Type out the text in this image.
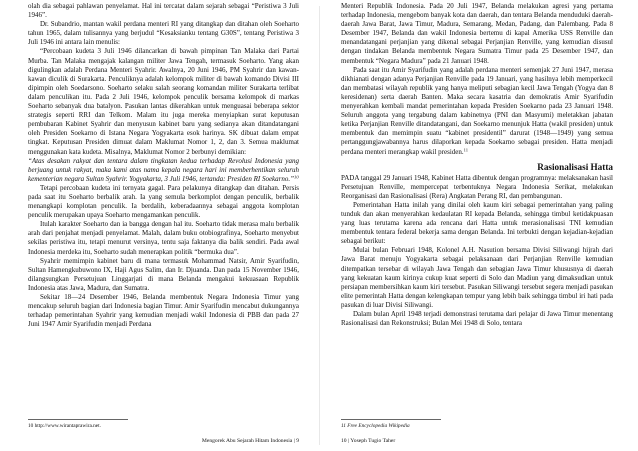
olah dia sebagai pahlawan penyelamat. Hal ini tercatat dalam sejarah sebagai “Peristiwa 3 Juli 1946”.

Dr. Subandrio, mantan wakil perdana menteri RI yang ditangkap dan ditahan oleh Soeharto tahun 1965, dalam tulisannya yang berjudul “Kesaksianku tentang G30S”, tentang Peristiwa 3 Juli 1946 ini antara lain menulis:

“Percobaan kudeta 3 Juli 1946 dilancarkan di bawah pimpinan Tan Malaka dari Partai Murba. Tan Malaka mengajak kalangan militer Jawa Tengah, termasuk Soeharto. Yang akan digulingkan adalah Perdana Menteri Syahrir. Awalnya, 20 Juni 1946, PM Syahrir dan kawan-kawan diculik di Surakarta. Penculiknya adalah kelompok militer di bawah komando Divisi III dipimpin oleh Soedarsono. Soeharto selaku salah seorang komandan militer Surakarta terlibat dalam penculikan itu. Pada 2 Juli 1946, kelompok penculik bersama kelompok di markas Soeharto sebanyak dua batalyon. Pasukan lantas dikerahkan untuk menguasai beberapa sektor strategis seperti RRI dan Telkom. Malam itu juga mereka menyiapkan surat keputusan pembubaran Kabinet Syahrir dan menyusun kabinet baru yang sedianya akan ditandatangani oleh Presiden Soekarno di Istana Negara Yogyakarta esok harinya. SK dibuat dalam empat tingkat. Keputusan Presiden dimuat dalam Maklumat Nomor 1, 2, dan 3. Semua maklumat menggunakan kata kudeta. Misalnya, Maklumat Nomor 2 berbunyi demikian:

“Atas desakan rakyat dan tentara dalam tingkatan kedua terhadap Revolusi Indonesia yang berjuang untuk rakyat, maka kami atas nama kepala negara hari ini memberhentikan seluruh kementerian negara Sultan Syahrir. Yogyakarta, 3 Juli 1946, tertanda: Presiden RI Soekarno.”$^{10}$

Tetapi percobaan kudeta ini ternyata gagal. Para pelakunya ditangkap dan ditahan. Persis pada saat itu Soeharto berbalik arah. Ia yang semula berkomplot dengan penculik, berbalik menangkapi komplotan penculik. Ia berdalih, keberadaannya sebagai anggota komplotan penculik merupakan upaya Soeharto mengamankan penculik.

Itulah karakter Soeharto dan ia bangga dengan hal itu. Soeharto tidak merasa malu berbalik arah dari penjahat menjadi penyelamat. Malah, dalam buku otobiografinya, Soeharto menyebut sekilas peristiwa itu, tetapi menurut versinya, tentu saja faktanya dia balik sendiri. Pada awal Indonesia merdeka itu, Soeharto sudah menerapkan politik “bermuka dua”.

Syahrir memimpin kabinet baru di mana termasuk Mohammad Natsir, Amir Syarifudin, Sultan Hamengkubuwono IX, Haji Agus Salim, dan Ir. Djuanda. Dan pada 15 November 1946, dilangsungkan Persetujuan Linggarjati di mana Belanda mengakui kekuasaan Republik Indonesia atas Jawa, Madura, dan Sumatra.

Sekitar 18—24 Desember 1946, Belanda membentuk Negara Indonesia Timur yang mencakup seluruh bagian dari Indonesia bagian Timur. Amir Syarifudin mencabut dukungannya terhadap pemerintahan Syahrir yang kemudian menjadi wakil Indonesia di PBB dan pada 27 Juni 1947 Amir Syarifudin menjadi Perdana

10 http://www.wirantaprawira.net.
Mengorek Abu Sejarah Hitam Indonesia | 9

Menteri Republik Indonesia. Pada 20 Juli 1947, Belanda melakukan agresi yang pertama terhadap Indonesia, mengebom banyak kota dan daerah, dan tentara Belanda menduduki daerah-daerah Jawa Barat, Jawa Timur, Madura, Semarang, Medan, Padang, dan Palembang. Pada 8 Desember 1947, Belanda dan wakil Indonesia bertemu di kapal Amerika USS Renville dan menandatangani perjanjian yang dikenal sebagai Perjanjian Renville, yang kemudian disusul dengan tindakan Belanda membentuk Negara Sumatra Timur pada 25 Desember 1947, dan membentuk “Negara Madura” pada 21 Januari 1948.

Pada saat itu Amir Syarifudin yang adalah perdana menteri semenjak 27 Juni 1947, merasa dikhianati dengan adanya Perjanjian Renville pada 19 Januari, yang hasilnya lebih memperkecil dan membatasi wilayah republik yang hanya meliputi sebagian kecil Jawa Tengah (Yogya dan 8 keresidenan) serta daerah Banten. Maka secara kasatria dan demokratis Amir Syarifudin menyerahkan kembali mandat pemerintahan kepada Presiden Soekarno pada 23 Januari 1948. Seluruh anggota yang tergabung dalam kabinetnya (PNI dan Masyumi) meletakkan jabatan ketika Perjanjian Renville ditandatangani, dan Soekarno menunjuk Hatta (wakil presiden) untuk membentuk dan memimpin suatu “kabinet presidentil” darurat (1948—1949) yang semua pertanggungjawabannya harus dilaporkan kepada Soekarno sebagai presiden. Hatta menjadi perdana menteri merangkap wakil presiden.$^{11}$

Rasionalisasi Hatta

PADA tanggal 29 Januari 1948, Kabinet Hatta dibentuk dengan programnya: melaksanakan hasil Persetujuan Renville, mempercepat terbentuknya Negara Indonesia Serikat, melakukan Reorganisasi dan Rasionalisasi (Rera) Angkatan Perang RI, dan pembangunan.

Pemerintahan Hatta inilah yang dinilai oleh kaum kiri sebagai pemerintahan yang paling tunduk dan akan menyerahkan kedaulatan RI kepada Belanda, sehingga timbul ketidakpuasan yang luas terutama karena ada rencana dari Hatta untuk merasionalisasi TNI kemudian membentuk tentara federal bekerja sama dengan Belanda. Ini terbukti dengan kejadian-kejadian sebagai berikut:

Mulai bulan Februari 1948, Kolonel A.H. Nasution bersama Divisi Siliwangi hijrah dari Jawa Barat menuju Yogyakarta sebagai pelaksanaan dari Perjanjian Renville kemudian ditempatkan tersebar di wilayah Jawa Tengah dan sebagian Jawa Timur khususnya di daerah yang kekuatan kaum kirinya cukup kuat seperti di Solo dan Madiun yang dimaksudkan untuk persiapan membersihkan kaum kiri tersebut. Pasukan Siliwangi tersebut segera menjadi pasukan elite pemerintah Hatta dengan kelengkapan tempur yang lebih baik sehingga timbul iri hati pada pasukan di luar Divisi Siliwangi.

Dalam bulan April 1948 terjadi demonstrasi terutama dari pelajar di Jawa Timur menentang Rasionalisasi dan Rekonstruksi; Bulan Mei 1948 di Solo, tentara

11 Free Encyclopedia Wikipedia
10 | Yoseph Tugio Taher
